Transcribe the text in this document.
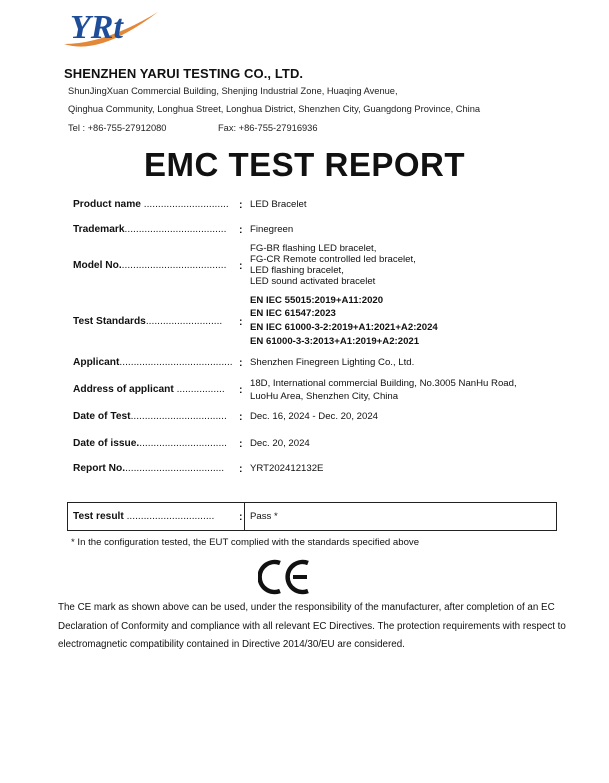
YRt
SHENZHEN YARUI TESTING CO., LTD.
ShunJingXuan Commercial Building, Shenjing Industrial Zone, Huaqing Avenue,
Qinghua Community, Longhua Street, Longhua District, Shenzhen City, Guangdong Province, China
Tel : +86-755-27912080	Fax: +86-755-27916936
EMC TEST REPORT
Product name .............................. : LED Bracelet
Trademark.................................... : Finegreen
Model No...................................... :
FG-BR flashing LED bracelet,
FG-CR Remote controlled led bracelet,
LED flashing bracelet,
LED sound activated bracelet
Test Standards........................... :
EN IEC 55015:2019+A11:2020
EN IEC 61547:2023
EN IEC 61000-3-2:2019+A1:2021+A2:2024
EN 61000-3-3:2013+A1:2019+A2:2021
Applicant........................................ : Shenzhen Finegreen Lighting Co., Ltd.
Address of applicant ................. :
18D, International commercial Building, No.3005 NanHu Road,
LuoHu Area, Shenzhen City, China
Date of Test.................................. : Dec. 16, 2024 - Dec. 20, 2024
Date of issue................................ : Dec. 20, 2024
Report No.................................... : YRT202412132E
Test result ............................... : Pass *
* In the configuration tested, the EUT complied with the standards specified above
The CE mark as shown above can be used, under the responsibility of the manufacturer, after completion of an EC Declaration of Conformity and compliance with all relevant EC Directives. The protection requirements with respect to electromagnetic compatibility contained in Directive 2014/30/EU are considered.
